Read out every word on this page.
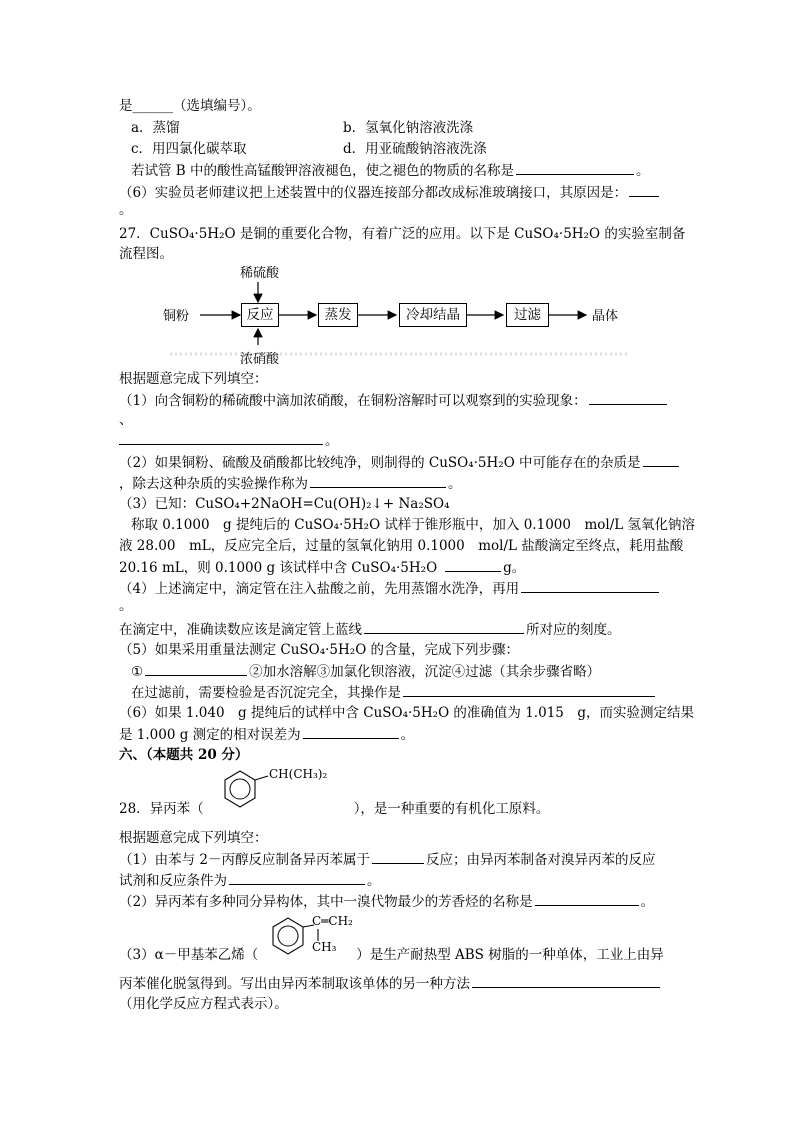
是______（选填编号）。
a．蒸馏	b．氢氧化钠溶液洗涤
c．用四氯化碳萃取	d．用亚硫酸钠溶液洗涤
若试管 B 中的酸性高锰酸钾溶液褪色，使之褪色的物质的名称是	。
（6）实验员老师建议把上述装置中的仪器连接部分都改成标准玻璃接口，其原因是：
。
27．CuSO₄·5H₂O 是铜的重要化合物，有着广泛的应用。以下是 CuSO₄·5H₂O 的实验室制备
流程图。
铜粉
稀硫酸
浓硝酸
反应	蒸发	冷却结晶	过滤	晶体
根据题意完成下列填空：
（1）向含铜粉的稀硫酸中滴加浓硝酸，在铜粉溶解时可以观察到的实验现象：
、
。
（2）如果铜粉、硫酸及硝酸都比较纯净，则制得的 CuSO₄·5H₂O 中可能存在的杂质是
，除去这种杂质的实验操作称为	。
（3）已知：CuSO₄+2NaOH=Cu(OH)₂↓+ Na₂SO₄
称取 0.1000　g 提纯后的 CuSO₄·5H₂O 试样于锥形瓶中，加入 0.1000　mol/L 氢氧化钠溶
液 28.00　mL，反应完全后，过量的氢氧化钠用 0.1000　mol/L 盐酸滴定至终点，耗用盐酸
20.16 mL，则 0.1000 g 该试样中含 CuSO₄·5H₂O	g。
（4）上述滴定中，滴定管在注入盐酸之前，先用蒸馏水洗净，再用
。
在滴定中，准确读数应该是滴定管上蓝线	所对应的刻度。
（5）如果采用重量法测定 CuSO₄·5H₂O 的含量，完成下列步骤：
①	②加水溶解③加氯化钡溶液，沉淀④过滤（其余步骤省略）
在过滤前，需要检验是否沉淀完全，其操作是
（6）如果 1.040　g 提纯后的试样中含 CuSO₄·5H₂O 的准确值为 1.015　g，而实验测定结果
是 1.000 g 测定的相对误差为	。
六、（本题共 20 分）
CH(CH₃)₂
28．异丙苯（	），是一种重要的有机化工原料。
根据题意完成下列填空：
（1）由苯与 2－丙醇反应制备异丙苯属于	反应；由异丙苯制备对溴异丙苯的反应
试剂和反应条件为	。
（2）异丙苯有多种同分异构体，其中一溴代物最少的芳香烃的名称是	。
C═CH₂
CH₃
（3）α－甲基苯乙烯（	）是生产耐热型 ABS 树脂的一种单体，工业上由异
丙苯催化脱氢得到。写出由异丙苯制取该单体的另一种方法
（用化学反应方程式表示）。
